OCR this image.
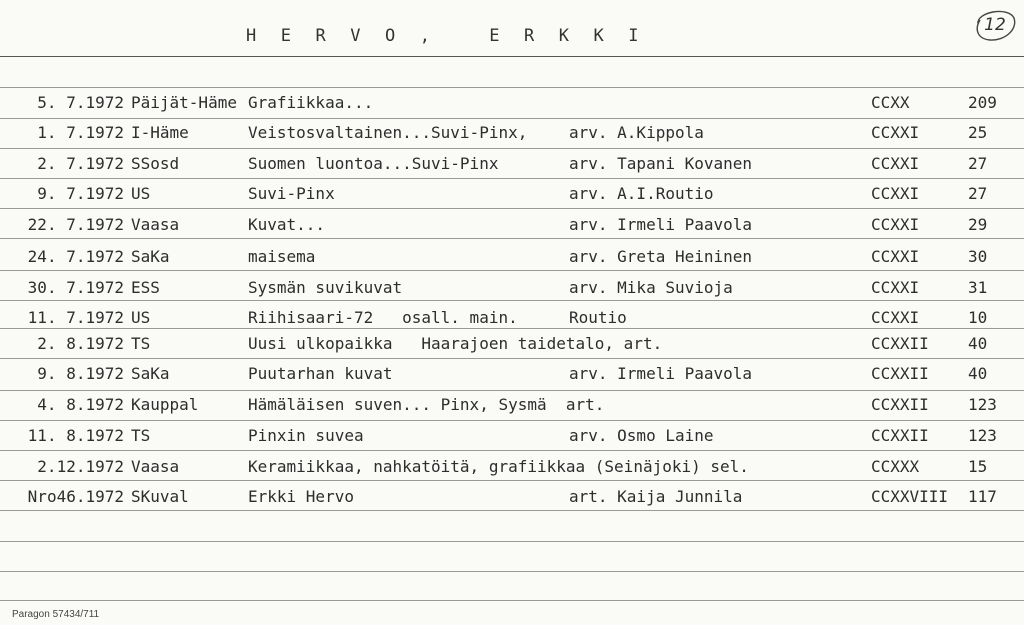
H E R V O ,   E R K K I
12
5. 7.1972 Päijät-Häme Grafiikkaa...	CCXX	209
1. 7.1972 I-Häme	Veistosvaltainen...Suvi-Pinx,	arv. A.Kippola	CCXXI	25
2. 7.1972 SSosd	Suomen luontoa...Suvi-Pinx	arv. Tapani Kovanen	CCXXI	27
9. 7.1972 US	Suvi-Pinx	arv. A.I.Routio	CCXXI	27
22. 7.1972 Vaasa	Kuvat...	arv. Irmeli Paavola	CCXXI	29
24. 7.1972 SaKa	maisema	arv. Greta Heininen	CCXXI	30
30. 7.1972 ESS	Sysmän suvikuvat	arv. Mika Suvioja	CCXXI	31
11. 7.1972 US	Riihisaari-72   osall. main.	Routio	CCXXI	10
2. 8.1972 TS	Uusi ulkopaikka   Haarajoen taidetalo, art.	CCXXII 40
9. 8.1972 SaKa	Puutarhan kuvat	arv. Irmeli Paavola	CCXXII 40
4. 8.1972 Kauppal	Hämäläisen suven... Pinx, Sysmä  art.	CCXXII 123
11. 8.1972 TS	Pinxin suvea	arv. Osmo Laine	CCXXII 123
2.12.1972 Vaasa	Keramiikkaa, nahkatöitä, grafiikkaa (Seinäjoki) sel.	CCXXX	15
Nro46.1972 SKuval	Erkki Hervo	art. Kaija Junnila	CCXXVIII 117
Paragon 57434/711
